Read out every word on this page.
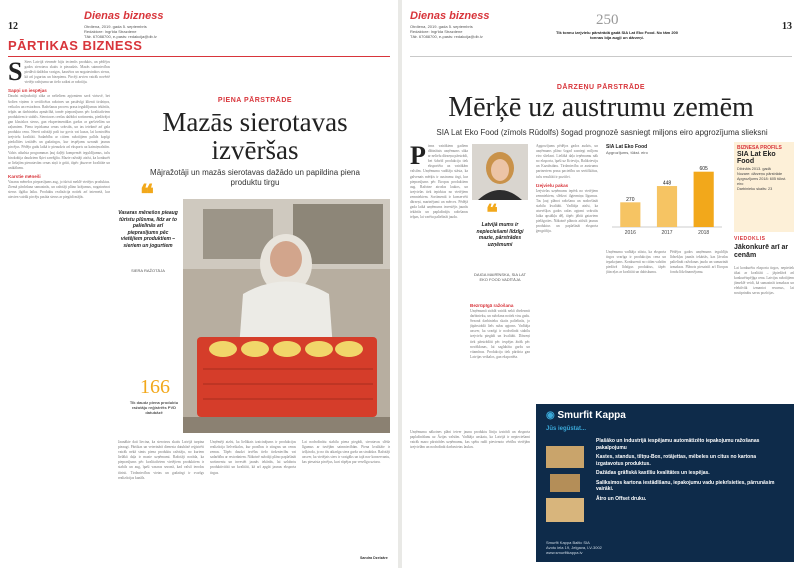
12
Dienas bizness
Otrdiena, 2019. gada 5. septembris
Redaktore: Ingrīda Strazdene
Tālr. 67088700, e-pasts: redakcija@db.lv
PĀRTIKAS BIZNESS
S Siers Latvijā vienmēr bijis iecienīts produkts, un pēdējos gados sierotavu skaits ir pieaudzis. Mazās saimniecības piedāvā dažādus svaigos, kausētos un nogatavinātos sierus, kā arī jogurtus un biezpienu. Pircēji arvien vairāk novērtē vietējo ražojumu un tiešo saikni ar ražotāju.
Sapņi un iespējas
Daudzi mājražotāji sāka ar nelieliem apjomiem savā virtuvē, bet šodien viņiem ir sertificētas ražotnes un pastāvīgi klienti tirdziņos, veikalos un restorānos. Ražošanas process prasa ieguldījumus iekārtās, telpās un darbinieku apmācībā, tomēr pieprasījums pēc kvalitatīviem produktiem ir stabils. Sierotavas cenšas dažādot sortimentu, piedāvājot gan klasiskos sierus, gan eksperimentālas garšas ar garšvielām un zaļumiem. Piena iepirkuma cenas svārstās, un tas ietekmē arī gala produkta cenu. Nereti ražotāji paši tur govis vai kazas, lai kontrolētu izejvielu kvalitāti. Sadarbība ar citiem ražotājiem palīdz kopīgi piedalīties izstādēs un gadatirgos, kur iespējams uzrunāt jaunus pircējus. Pēdējo gadu laikā ir pieaudzis arī eksports uz kaimiņvalstīm. Valsts atbalsta programmas ļauj daļēji kompensēt ieguldījumus, taču birokrātija daudziem šķiet sarežģīta. Mazie ražotāji atzīst, ka konkurēt ar lielajām pienotavām cenas ziņā ir grūti, tāpēc jāuzsver kvalitāte un unikālums.
Karstie mēneši
Vasaras mēnešos pieprasījums aug, jo tūristi meklē vietējos produktus. Ziemā pārdošana samazinās, un ražotāji plāno krājumus, nogatavinot sierus ilgāku laiku. Produktu realizācija notiek arī internetā, kur aizvien vairāk pircēju pasūta sierus ar piegādi mājās.
PIENA PĀRSTRĀDE
Mazās sierotavas
izvēršas
Mājražotāji un mazās sierotavas dažādo un papildina piena produktu tirgu
❝
Vasaras mēnešos pieaug tūristu plūsma, līdz ar to palielinās arī pieprasījums pēc vietējiem produktiem – sieriem un jogurtiem
SIERA RAŽOTĀJA
166
Tik daudz piena produktu ražotāju reģistrēts PVD datubāzē
Jaunākie dati liecina, ka sierotavu skaits Latvijā turpina pieaugt. Pārtikas un veterinārā dienesta datubāzē reģistrēti vairāk nekā simts piena produktu ražotāju, no kuriem lielākā daļa ir mazie uzņēmumi. Ražotāji norāda, ka pieprasījums pēc kvalitatīviem vietējiem produktiem ir stabils un aug, īpaši vasaras sezonā, kad valstī ierodas tūristi. Tirdzniecības vietas un gadatirgi ir svarīgs realizācijas kanāls.
Uzņēmēji atzīst, ka lielākais izaicinājums ir produkcijas realizācija lielveikalos, kur prasības ir stingras un cenas zemas. Tāpēc daudzi izvēlas tiešo tirdzniecību vai sadarbību ar restorāniem. Nākotnē ražotāji plāno paplašināt sortimentu un investēt jaunās iekārtās, lai uzlabotu produktivitāti un kvalitāti, kā arī apgūt jaunus eksporta tirgus.
Lai nodrošinātu stabilu piena piegādi, sierotavas slēdz līgumus ar tuvējām saimniecībām. Piena kvalitāte ir izšķiroša, jo no tās atkarīga siera garša un struktūra. Ražotāji uzsver, ka vietējais siers ir svaigāks un tajā nav konservantu, kas piesaista pircējus, kuri rūpējas par veselīgu uzturu.
Sandra Dzelzāre
13
Dienas bizness
Otrdiena, 2019. gada 5. septembris
Redaktore: Ingrīda Strazdene
Tālr. 67088700, e-pasts: redakcija@db.lv
250
Tik tonnu izejvielu pārstrādā gadā SIA Lat Eko Food. No tām 200 tonnas bija augļi un dārzeņi.
DĀRZEŅU PĀRSTRĀDE
Mērķē uz austrumu zemēm
SIA Lat Eko Food (zīmols Rūdolfs) šogad prognozē sasniegt miljons eiro apgrozījuma slieksni
P irms vairākiem gadiem dibinātais uzņēmums sāka ar nelielu dārzeņu pārstrādi, bet šobrīd produkcija tiek eksportēta uz vairākām valstīm. Uzņēmuma vadītāja stāsta, ka galvenais mērķis ir austrumu tirgi, kur pieprasījums pēc Eiropas produktiem aug. Ražotne atrodas laukos, un izejvielas tiek iepirktas no vietējiem zemniekiem. Sortimentā ir konservēti dārzeņi, marinējumi un mērces. Pēdējā gada laikā uzņēmums investējis jaunās iekārtās un paplašinājis ražošanas telpas, lai varētu palielināt jaudu.	❝
Latvijā mums ir nepieciešami līdzīgi mazie, pārstrādes uzņēmumi
DAIGA MAIRĪNSKA, SIA LAT EKO FOOD VADĪTĀJA
Bezrūpīgā ražošana
Uzņēmumā strādā vairāk nekā divdesmit darbinieku, un ražošana notiek visu gadu. Sezonā darbinieku skaits palielinās, jo jāpārstrādā liels ražas apjoms. Vadītāja uzsver, ka svarīgi ir nodrošināt stabilu izejvielu piegādi un kvalitāti. Dārzeņi tiek pārstrādāti pēc iespējas ātrāk pēc novākšanas, lai saglabātu garšu un vitamīnus. Produkcija tiek pārdota gan Latvijas veikalos, gan eksportēta.
Apgrozījums pēdējos gados audzis, un uzņēmums plāno šogad sasniegt miljons eiro slieksni. Lielākā daļa ieņēmumu nāk no eksporta, īpaši uz Krieviju, Baltkrieviju un Kazahstānu. Tirdzniecība ar austrumu partneriem prasa pacietību un sertifikātus, taču rezultāti ir pozitīvi.
Izejvielu pakas
Izejvielas uzņēmums iepērk no vietējiem zemniekiem, slēdzot ilgtermiņa līgumus. Tas ļauj plānot ražošanu un nodrošināt stabilu kvalitāti. Vadītāja atzīst, ka atsevišķos gados ražas apjomi svārstās laika apstākļu dēļ, tāpēc jābūt gataviem pielāgoties. Nākotnē plānots attīstīt jaunus produktus un paplašināt eksporta ģeogrāfiju.
SIA Lat Eko Food
Apgrozījums, tūkst. eiro
270
2016
448
2017
605
2018
Uzņēmuma vadītāja stāsta, ka eksporta tirgos svarīga ir produkcijas cena un iepakojums. Konkurenti no citām valstīm piedāvā līdzīgus produktus, tāpēc jāizceļas ar kvalitāti un dabiskumu.
Pēdējos gados uzņēmums ieguldījis līdzekļus jaunās iekārtās, kas ļāvušas palielināt ražošanas jaudu un samazināt izmaksas. Plānots piesaistīt arī Eiropas fondu līdzfinansējumu.
BIZNESA PROFILS
SIA Lat Eko Food
Dibināts 2013. gadā
Nozare: dārzeņu pārstrāde
Apgrozījums 2018: 605 tūkst. eiro
Darbinieku skaits: 23
VIEDOKLIS
Jākonkurē arī ar cenām
Lai konkurētu eksporta tirgos, nepietiek tikai ar kvalitāti – jāpiedāvā arī konkurētspējīga cena. Latvijas ražotājiem jāmeklē veidi, kā samazināt izmaksas un efektīvāk izmantot resursus, lai nostiprinātu savas pozīcijas.
◉ Smurfit Kappa
Jūs iegūstat...
Plašāko un industrijā iespējamu automātizēto iepakojumu ražošanas pakalpojumu
Kastes, standus, tiltņu-Box, rotājettas, mēbeles un citus no kartona izgatavotus produktus.
Dažādas grāfiskā kastīšu kvalitātes un iespējas.
Saliksimos kartona iestādīšanu, iepakojumu vadu piekrīsieties, pārrunāsim vairāki.
Ātro un Offset druku.
Smurfit Kappa Baltic SIA
Avotu iela 19, Jelgava, LV-3002
www.smurfitkappa.lv
Uzņēmuma nākotnes plāni ietver jaunu produktu līniju izstrādi un eksporta paplašināšanu uz Āzijas valstīm. Vadītāja uzskata, ka Latvijā ir nepieciešami vairāk mazo pārstrādes uzņēmumu, kas spētu radīt pievienoto vērtību vietējām izejvielām un nodrošināt darbavietas laukos.
